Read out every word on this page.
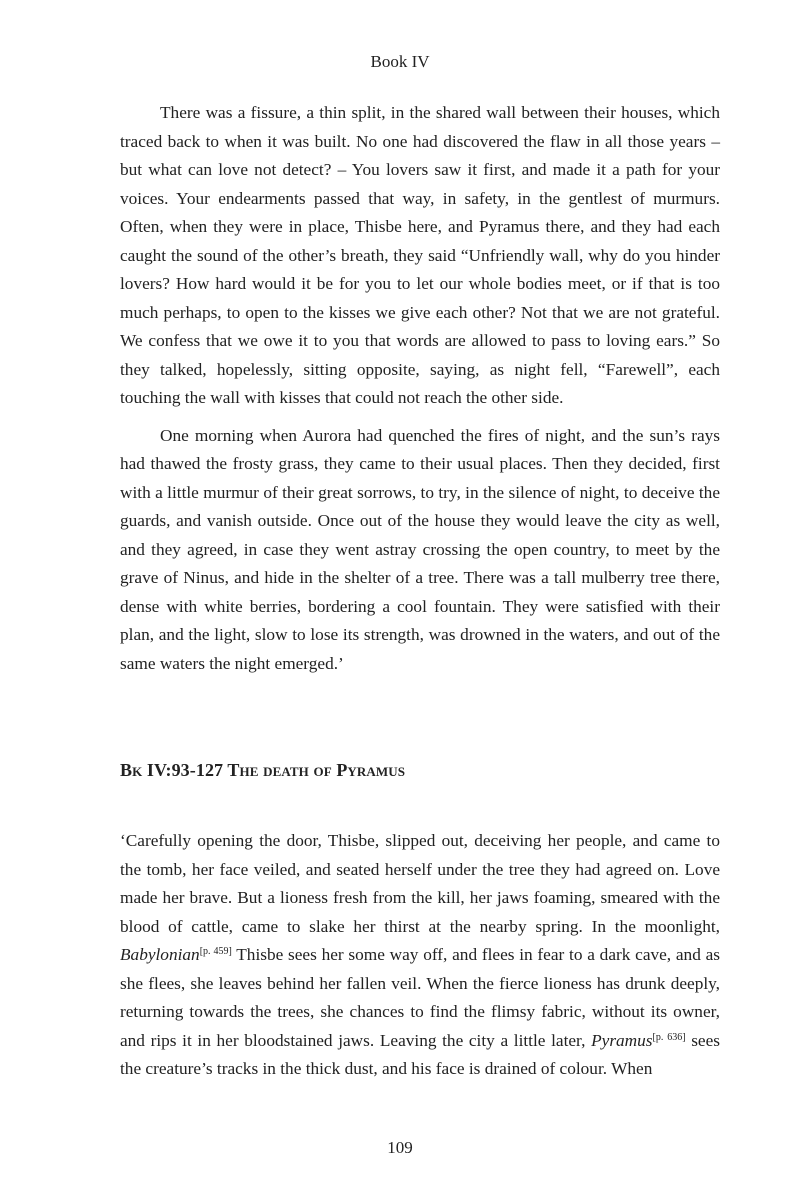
Book IV

There was a fissure, a thin split, in the shared wall between their houses, which traced back to when it was built. No one had discovered the flaw in all those years – but what can love not detect? – You lovers saw it first, and made it a path for your voices. Your endearments passed that way, in safety, in the gentlest of murmurs. Often, when they were in place, Thisbe here, and Pyramus there, and they had each caught the sound of the other’s breath, they said “Unfriendly wall, why do you hinder lovers? How hard would it be for you to let our whole bodies meet, or if that is too much perhaps, to open to the kisses we give each other? Not that we are not grateful. We confess that we owe it to you that words are allowed to pass to loving ears.” So they talked, hopelessly, sitting opposite, saying, as night fell, “Farewell”, each touching the wall with kisses that could not reach the other side.

One morning when Aurora had quenched the fires of night, and the sun’s rays had thawed the frosty grass, they came to their usual places. Then they decided, first with a little murmur of their great sorrows, to try, in the silence of night, to deceive the guards, and vanish outside. Once out of the house they would leave the city as well, and they agreed, in case they went astray crossing the open country, to meet by the grave of Ninus, and hide in the shelter of a tree. There was a tall mulberry tree there, dense with white berries, bordering a cool fountain. They were satisfied with their plan, and the light, slow to lose its strength, was drowned in the waters, and out of the same waters the night emerged.’

Bk IV:93-127 The death of Pyramus

‘Carefully opening the door, Thisbe, slipped out, deceiving her people, and came to the tomb, her face veiled, and seated herself under the tree they had agreed on. Love made her brave. But a lioness fresh from the kill, her jaws foaming, smeared with the blood of cattle, came to slake her thirst at the nearby spring. In the moonlight, Babylonian[p. 459] Thisbe sees her some way off, and flees in fear to a dark cave, and as she flees, she leaves behind her fallen veil. When the fierce lioness has drunk deeply, returning towards the trees, she chances to find the flimsy fabric, without its owner, and rips it in her bloodstained jaws. Leaving the city a little later, Pyramus[p. 636] sees the creature’s tracks in the thick dust, and his face is drained of colour. When

109
